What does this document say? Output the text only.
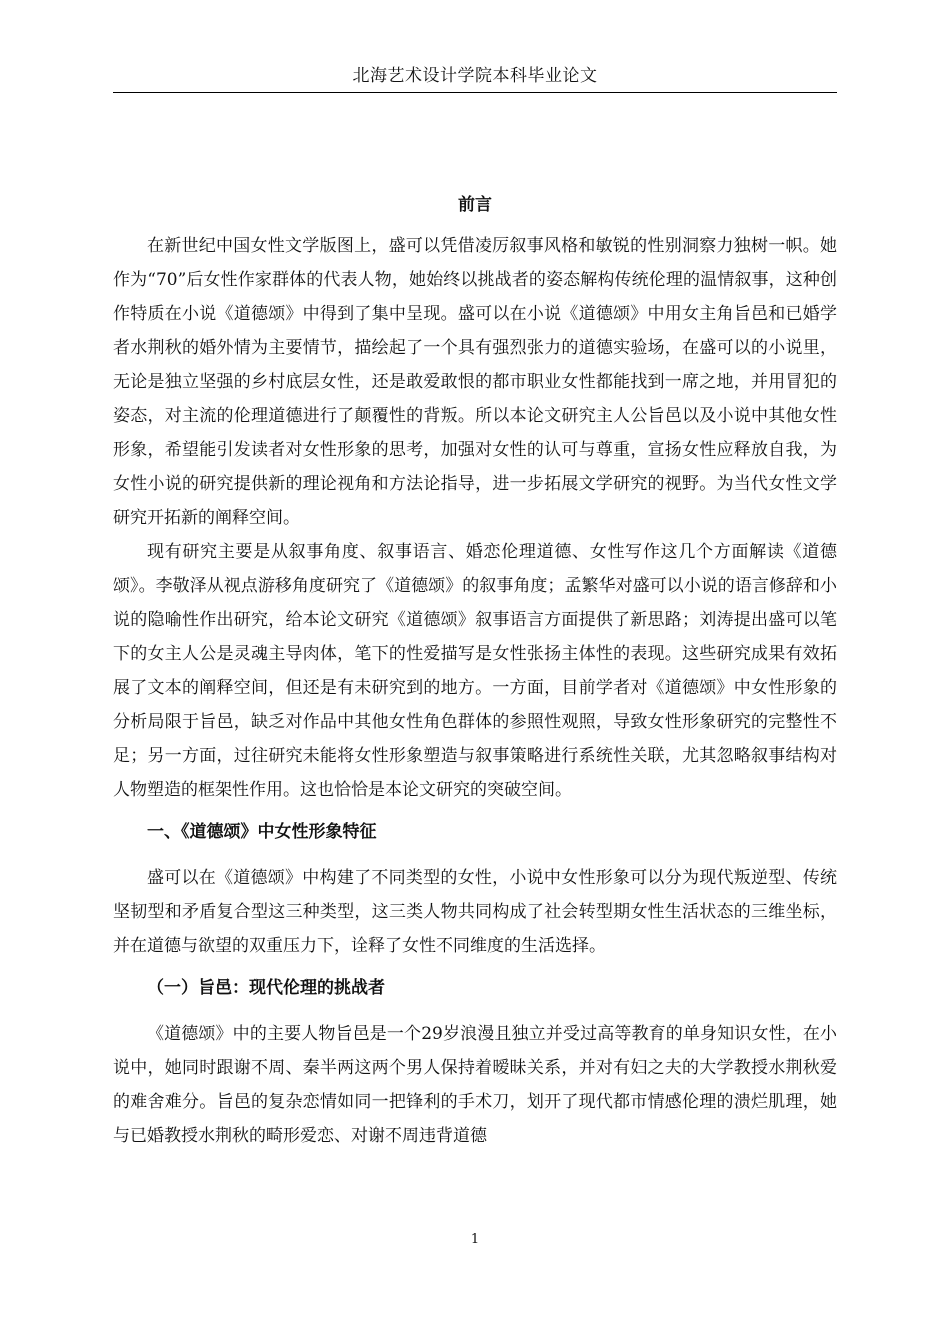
北海艺术设计学院本科毕业论文
前言

在新世纪中国女性文学版图上，盛可以凭借凌厉叙事风格和敏锐的性别洞察力独树一帜。她作为“70”后女性作家群体的代表人物，她始终以挑战者的姿态解构传统伦理的温情叙事，这种创作特质在小说《道德颂》中得到了集中呈现。盛可以在小说《道德颂》中用女主角旨邑和已婚学者水荆秋的婚外情为主要情节，描绘起了一个具有强烈张力的道德实验场，在盛可以的小说里，无论是独立坚强的乡村底层女性，还是敢爱敢恨的都市职业女性都能找到一席之地，并用冒犯的姿态，对主流的伦理道德进行了颠覆性的背叛。所以本论文研究主人公旨邑以及小说中其他女性形象，希望能引发读者对女性形象的思考，加强对女性的认可与尊重，宣扬女性应释放自我，为女性小说的研究提供新的理论视角和方法论指导，进一步拓展文学研究的视野。为当代女性文学研究开拓新的阐释空间。

现有研究主要是从叙事角度、叙事语言、婚恋伦理道德、女性写作这几个方面解读《道德颂》。李敬泽从视点游移角度研究了《道德颂》的叙事角度；孟繁华对盛可以小说的语言修辞和小说的隐喻性作出研究，给本论文研究《道德颂》叙事语言方面提供了新思路；刘涛提出盛可以笔下的女主人公是灵魂主导肉体，笔下的性爱描写是女性张扬主体性的表现。这些研究成果有效拓展了文本的阐释空间，但还是有未研究到的地方。一方面，目前学者对《道德颂》中女性形象的分析局限于旨邑，缺乏对作品中其他女性角色群体的参照性观照，导致女性形象研究的完整性不足；另一方面，过往研究未能将女性形象塑造与叙事策略进行系统性关联，尤其忽略叙事结构对人物塑造的框架性作用。这也恰恰是本论文研究的突破空间。

一、《道德颂》中女性形象特征

盛可以在《道德颂》中构建了不同类型的女性，小说中女性形象可以分为现代叛逆型、传统坚韧型和矛盾复合型这三种类型，这三类人物共同构成了社会转型期女性生活状态的三维坐标，并在道德与欲望的双重压力下，诠释了女性不同维度的生活选择。

（一）旨邑：现代伦理的挑战者

《道德颂》中的主要人物旨邑是一个29岁浪漫且独立并受过高等教育的单身知识女性，在小说中，她同时跟谢不周、秦半两这两个男人保持着暧昧关系，并对有妇之夫的大学教授水荆秋爱的难舍难分。旨邑的复杂恋情如同一把锋利的手术刀，划开了现代都市情感伦理的溃烂肌理，她与已婚教授水荆秋的畸形爱恋、对谢不周违背道德

1
